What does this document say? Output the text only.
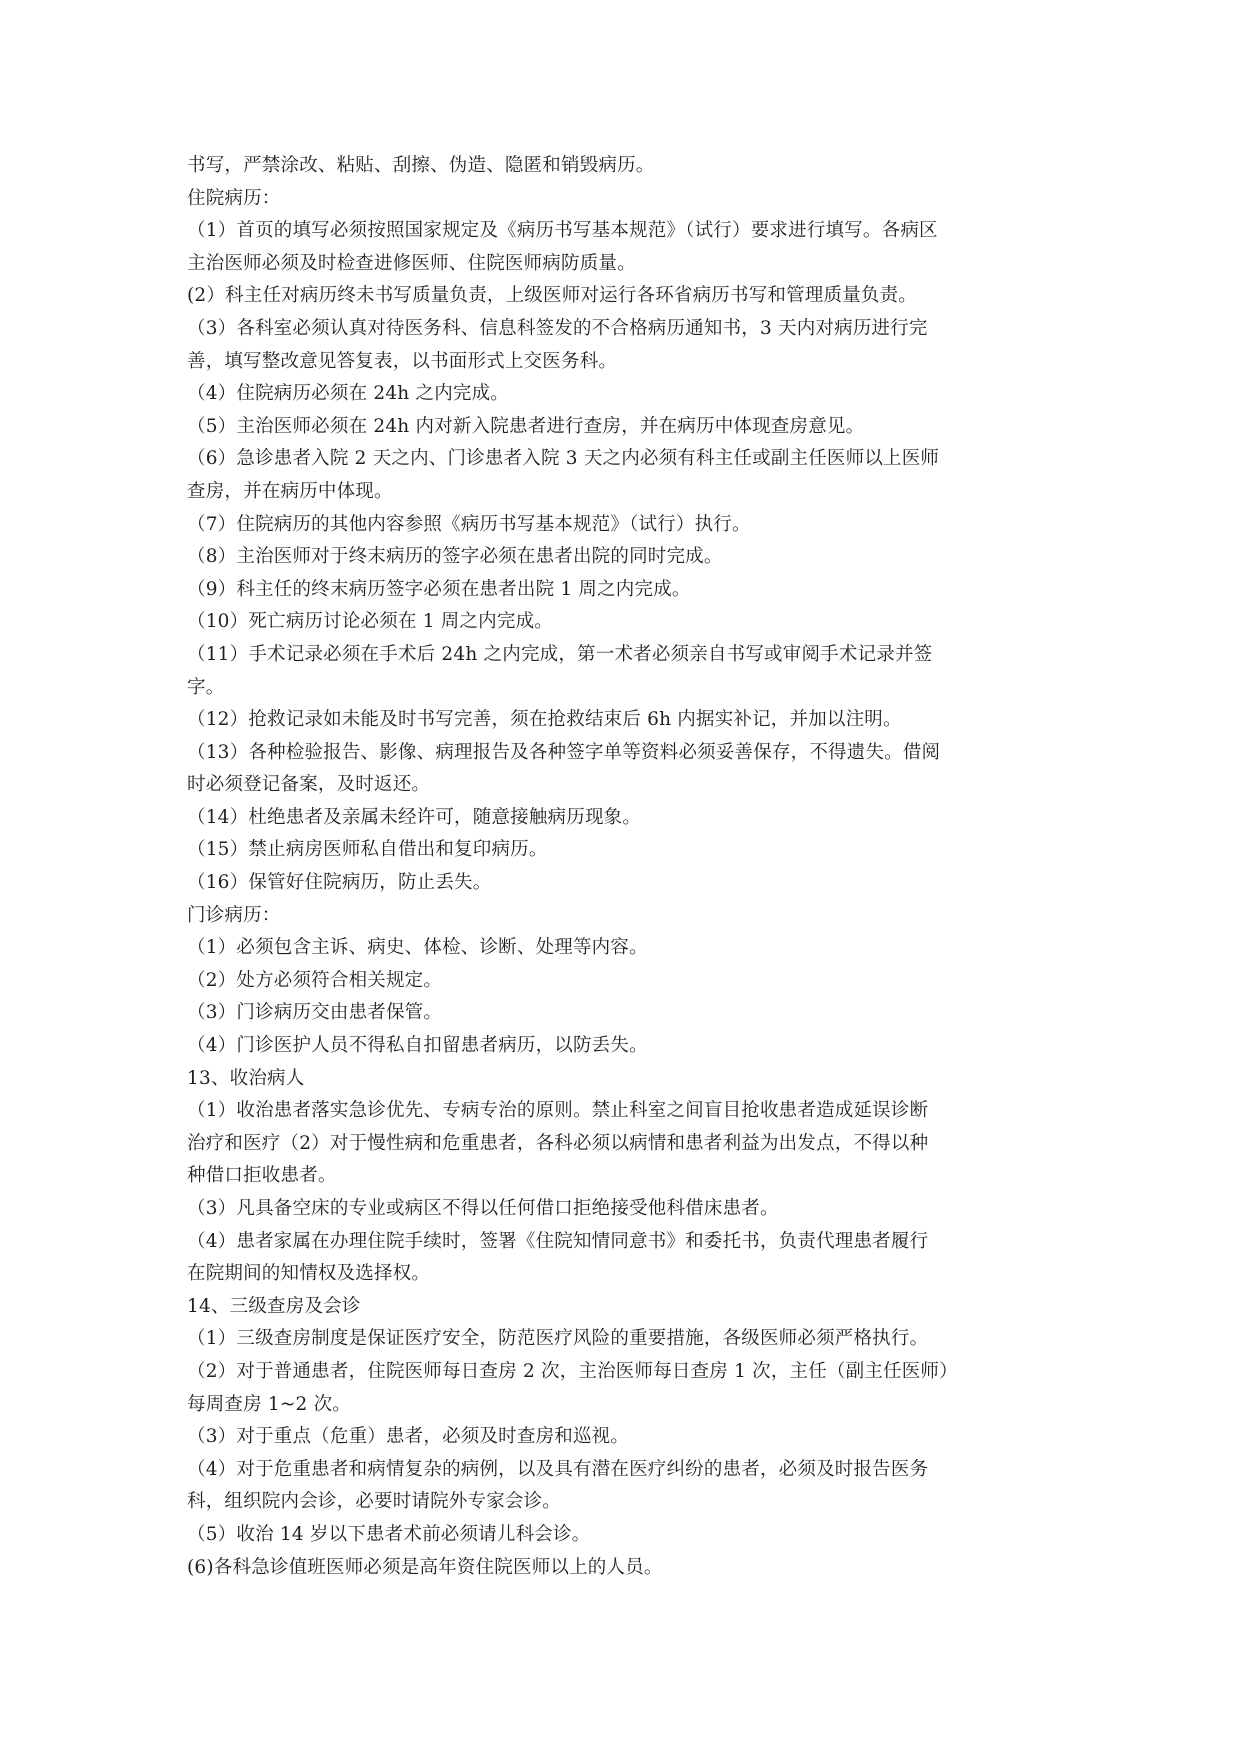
书写，严禁涂改、粘贴、刮擦、伪造、隐匿和销毁病历。
住院病历：
（1）首页的填写必须按照国家规定及《病历书写基本规范》（试行）要求进行填写。各病区
主治医师必须及时检查进修医师、住院医师病防质量。
(2）科主任对病历终未书写质量负责，上级医师对运行各环省病历书写和管理质量负责。
（3）各科室必须认真对待医务科、信息科签发的不合格病历通知书，3 天内对病历进行完
善，填写整改意见答复表，以书面形式上交医务科。
（4）住院病历必须在 24h 之内完成。
（5）主治医师必须在 24h 内对新入院患者进行查房，并在病历中体现查房意见。
（6）急诊患者入院 2 天之内、门诊患者入院 3 天之内必须有科主任或副主任医师以上医师
查房，并在病历中体现。
（7）住院病历的其他内容参照《病历书写基本规范》（试行）执行。
（8）主治医师对于终末病历的签字必须在患者出院的同时完成。
（9）科主任的终末病历签字必须在患者出院 1 周之内完成。
（10）死亡病历讨论必须在 1 周之内完成。
（11）手术记录必须在手术后 24h 之内完成，第一术者必须亲自书写或审阅手术记录并签
字。
（12）抢救记录如未能及时书写完善，须在抢救结束后 6h 内据实补记，并加以注明。
（13）各种检验报告、影像、病理报告及各种签字单等资料必须妥善保存，不得遗失。借阅
时必须登记备案，及时返还。
（14）杜绝患者及亲属未经许可，随意接触病历现象。
（15）禁止病房医师私自借出和复印病历。
（16）保管好住院病历，防止丢失。
门诊病历：
（1）必须包含主诉、病史、体检、诊断、处理等内容。
（2）处方必须符合相关规定。
（3）门诊病历交由患者保管。
（4）门诊医护人员不得私自扣留患者病历，以防丢失。
13、收治病人
（1）收治患者落实急诊优先、专病专治的原则。禁止科室之间盲目抢收患者造成延误诊断
治疗和医疗（2）对于慢性病和危重患者，各科必须以病情和患者利益为出发点，不得以种
种借口拒收患者。
（3）凡具备空床的专业或病区不得以任何借口拒绝接受他科借床患者。
（4）患者家属在办理住院手续时，签署《住院知情同意书》和委托书，负责代理患者履行
在院期间的知情权及选择权。
14、三级查房及会诊
（1）三级查房制度是保证医疗安全，防范医疗风险的重要措施，各级医师必须严格执行。
（2）对于普通患者，住院医师每日查房 2 次，主治医师每日查房 1 次，主任（副主任医师）
每周查房 1~2 次。
（3）对于重点（危重）患者，必须及时查房和巡视。
（4）对于危重患者和病情复杂的病例，以及具有潜在医疗纠纷的患者，必须及时报告医务
科，组织院内会诊，必要时请院外专家会诊。
（5）收治 14 岁以下患者术前必须请儿科会诊。
(6)各科急诊值班医师必须是高年资住院医师以上的人员。
